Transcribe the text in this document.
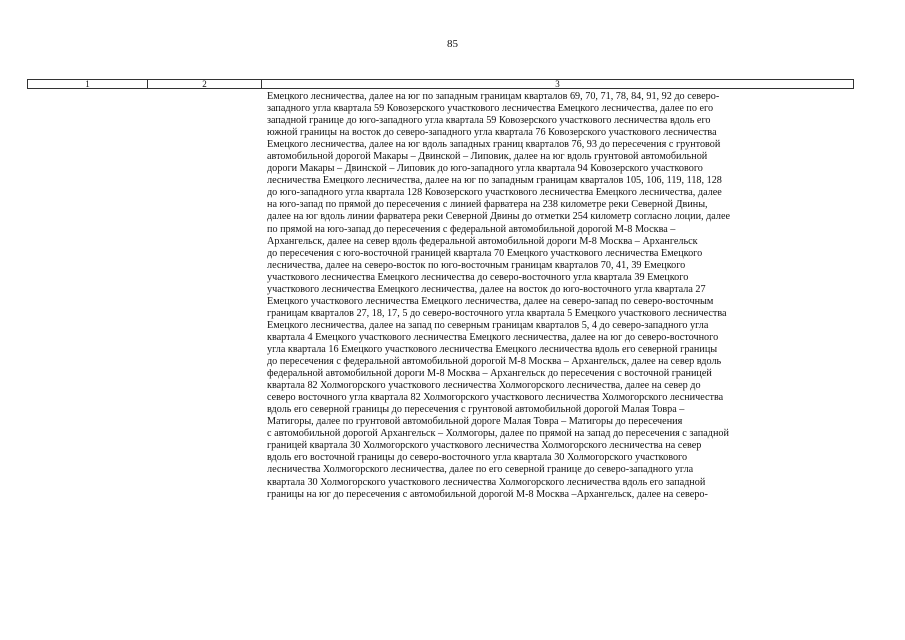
85
1	2	3
Емецкого лесничества, далее на юг по западным границам кварталов 69, 70, 71, 78, 84, 91, 92 до северо-
западного угла квартала 59 Ковозерского участкового лесничества Емецкого лесничества, далее по его
западной границе до юго-западного угла квартала 59 Ковозерского участкового лесничества вдоль его
южной границы на восток до северо-западного угла квартала 76 Ковозерского участкового лесничества
Емецкого лесничества, далее на юг вдоль западных границ кварталов 76, 93 до пересечения с грунтовой
автомобильной дорогой Макары – Двинской – Липовик, далее на юг вдоль грунтовой автомобильной
дороги Макары – Двинской – Липовик до юго-западного угла квартала 94 Ковозерского участкового
лесничества Емецкого лесничества, далее на юг по западным границам кварталов 105, 106, 119, 118, 128
до юго-западного угла квартала 128 Ковозерского участкового лесничества Емецкого лесничества, далее
на юго-запад по прямой до пересечения с линией фарватера на 238 километре реки Северной Двины,
далее на юг вдоль линии фарватера реки Северной Двины до отметки 254 километр согласно лоции, далее
по прямой на юго-запад до пересечения с федеральной автомобильной дорогой М-8 Москва –
Архангельск, далее на север вдоль федеральной автомобильной дороги М-8 Москва – Архангельск
до пересечения с юго-восточной границей квартала 70 Емецкого участкового лесничества Емецкого
лесничества, далее на северо-восток по юго-восточным границам кварталов 70, 41, 39 Емецкого
участкового лесничества Емецкого лесничества до северо-восточного угла квартала 39 Емецкого
участкового лесничества Емецкого лесничества, далее на восток до юго-восточного угла квартала 27
Емецкого участкового лесничества Емецкого лесничества, далее на северо-запад по северо-восточным
границам кварталов 27, 18, 17, 5 до северо-восточного угла квартала 5 Емецкого участкового лесничества
Емецкого лесничества, далее на запад по северным границам кварталов 5, 4 до северо-западного угла
квартала 4 Емецкого участкового лесничества Емецкого лесничества, далее на юг до северо-восточного
угла квартала 16 Емецкого участкового лесничества Емецкого лесничества вдоль его северной границы
до пересечения с федеральной автомобильной дорогой М-8 Москва – Архангельск, далее на север вдоль
федеральной автомобильной дороги М-8 Москва – Архангельск до пересечения с восточной границей
квартала 82 Холмогорского участкового лесничества Холмогорского лесничества, далее на север до
северо восточного угла квартала 82 Холмогорского участкового лесничества Холмогорского лесничества
вдоль его северной границы до пересечения с грунтовой автомобильной дорогой Малая Товра –
Матигоры, далее по грунтовой автомобильной дороге Малая Товра – Матигоры до пересечения
с автомобильной дорогой Архангельск – Холмогоры, далее по прямой на запад до пересечения с западной
границей квартала 30 Холмогорского участкового лесничества Холмогорского лесничества на север
вдоль его восточной границы до северо-восточного угла квартала 30 Холмогорского участкового
лесничества Холмогорского лесничества, далее по его северной границе до северо-западного угла
квартала 30 Холмогорского участкового лесничества Холмогорского лесничества вдоль его западной
границы на юг до пересечения с автомобильной дорогой М-8 Москва –Архангельск, далее на северо-
